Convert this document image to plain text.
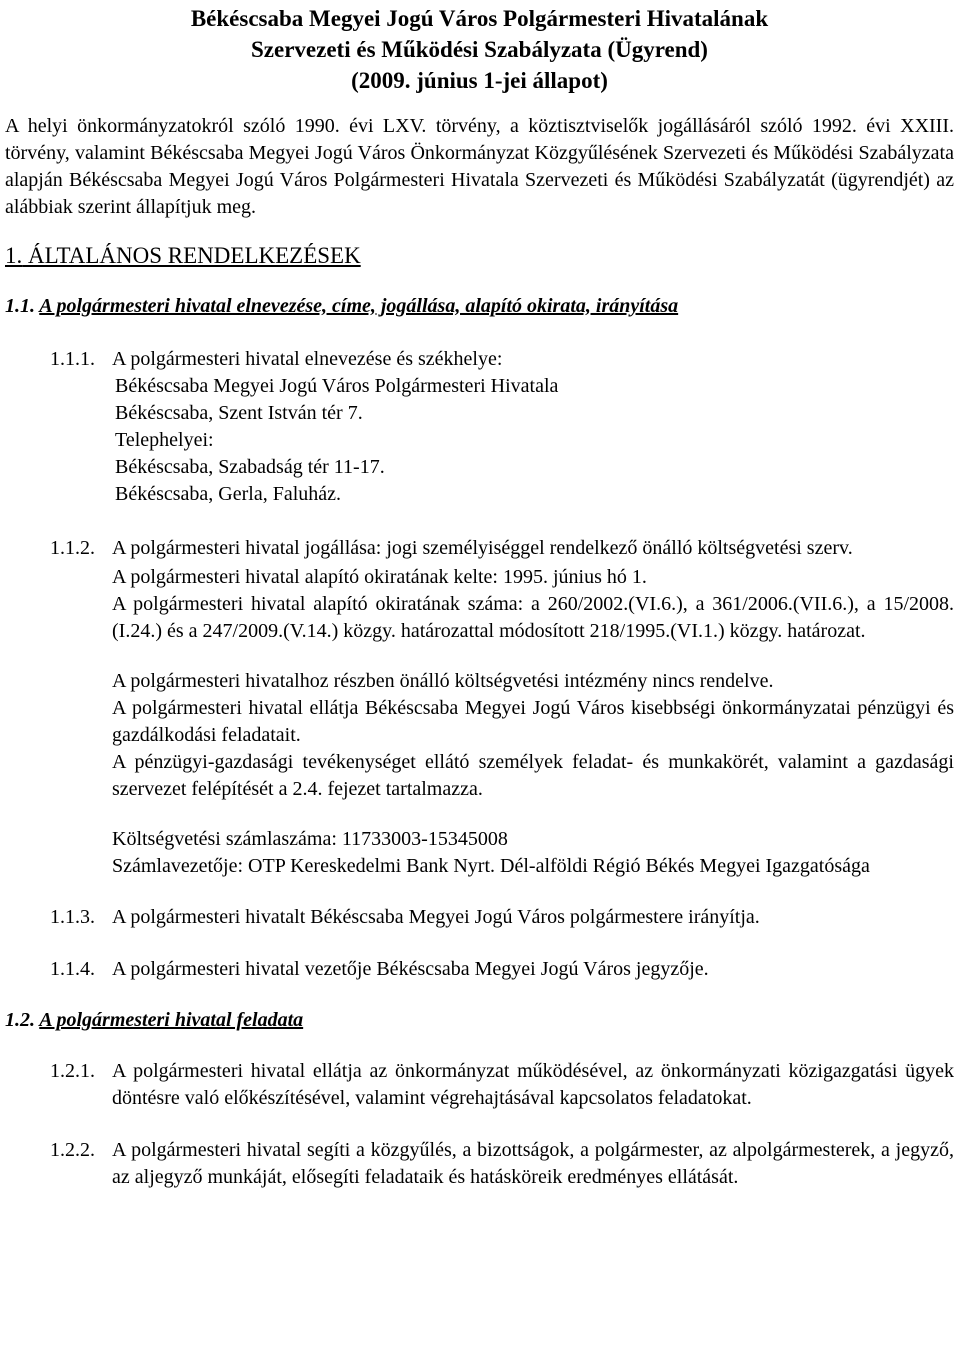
Békéscsaba Megyei Jogú Város Polgármesteri Hivatalának
Szervezeti és Működési Szabályzata (Ügyrend)
(2009. június 1-jei állapot)

A helyi önkormányzatokról szóló 1990. évi LXV. törvény, a köztisztviselők jogállásáról szóló 1992. évi XXIII. törvény, valamint Békéscsaba Megyei Jogú Város Önkormányzat Közgyűlésének Szervezeti és Működési Szabályzata alapján Békéscsaba Megyei Jogú Város Polgármesteri Hivatala Szervezeti és Működési Szabályzatát (ügyrendjét) az alábbiak szerint állapítjuk meg.

1. ÁLTALÁNOS RENDELKEZÉSEK
1.1. A polgármesteri hivatal elnevezése, címe, jogállása, alapító okirata, irányítása
1.1.1. A polgármesteri hivatal elnevezése és székhelye:

Békéscsaba Megyei Jogú Város Polgármesteri Hivatala

Békéscsaba, Szent István tér 7.

Telephelyei:

Békéscsaba, Szabadság tér 11-17.

Békéscsaba, Gerla, Faluház.

1.1.2. A polgármesteri hivatal jogállása: jogi személyiséggel rendelkező önálló költségvetési szerv.

A polgármesteri hivatal alapító okiratának kelte: 1995. június hó 1.

A polgármesteri hivatal alapító okiratának száma: a 260/2002.(VI.6.), a 361/2006.(VII.6.), a 15/2008.(I.24.) és a 247/2009.(V.14.) közgy. határozattal módosított 218/1995.(VI.1.) közgy. határozat.

A polgármesteri hivatalhoz részben önálló költségvetési intézmény nincs rendelve.

A polgármesteri hivatal ellátja Békéscsaba Megyei Jogú Város kisebbségi önkormányzatai pénzügyi és gazdálkodási feladatait.

A pénzügyi-gazdasági tevékenységet ellátó személyek feladat- és munkakörét, valamint a gazdasági szervezet felépítését a 2.4. fejezet tartalmazza.

Költségvetési számlaszáma: 11733003-15345008

Számlavezetője: OTP Kereskedelmi Bank Nyrt. Dél-alföldi Régió Békés Megyei Igazgatósága

1.1.3. A polgármesteri hivatalt Békéscsaba Megyei Jogú Város polgármestere irányítja.

1.1.4. A polgármesteri hivatal vezetője Békéscsaba Megyei Jogú Város jegyzője.

1.2. A polgármesteri hivatal feladata
1.2.1. A polgármesteri hivatal ellátja az önkormányzat működésével, az önkormányzati közigazgatási ügyek döntésre való előkészítésével, valamint végrehajtásával kapcsolatos feladatokat.

1.2.2. A polgármesteri hivatal segíti a közgyűlés, a bizottságok, a polgármester, az alpolgármesterek, a jegyző, az aljegyző munkáját, elősegíti feladataik és hatásköreik eredményes ellátását.
